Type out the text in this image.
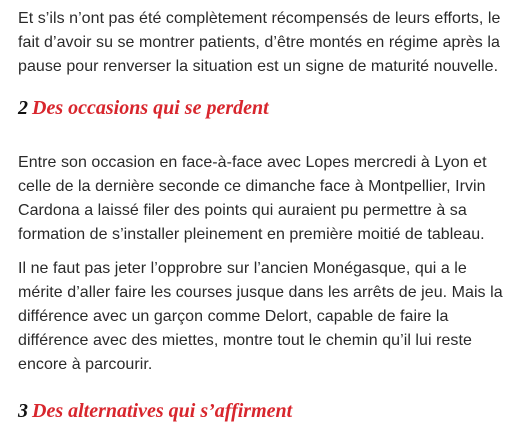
Et s’ils n’ont pas été complètement récompensés de leurs efforts, le fait d’avoir su se montrer patients, d’être montés en régime après la pause pour renverser la situation est un signe de maturité nouvelle.

2 Des occasions qui se perdent

Entre son occasion en face-à-face avec Lopes mercredi à Lyon et celle de la dernière seconde ce dimanche face à Montpellier, Irvin Cardona a laissé filer des points qui auraient pu permettre à sa formation de s’installer pleinement en première moitié de tableau.

Il ne faut pas jeter l’opprobre sur l’ancien Monégasque, qui a le mérite d’aller faire les courses jusque dans les arrêts de jeu. Mais la différence avec un garçon comme Delort, capable de faire la différence avec des miettes, montre tout le chemin qu’il lui reste encore à parcourir.

3 Des alternatives qui s’affirment
